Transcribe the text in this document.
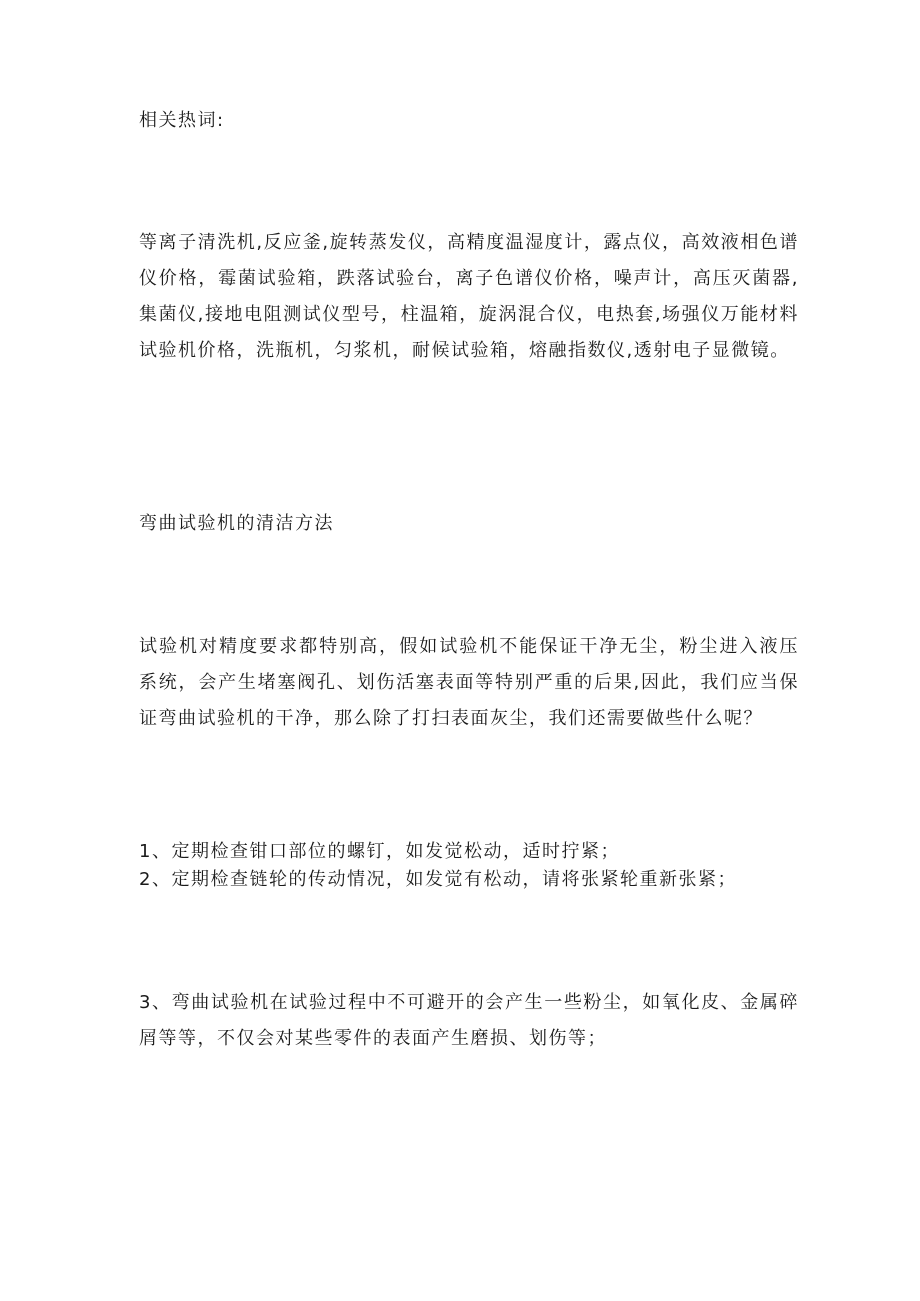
相关热词:

等离子清洗机,反应釜,旋转蒸发仪，高精度温湿度计，露点仪，高效液相色谱仪价格，霉菌试验箱，跌落试验台，离子色谱仪价格，噪声计，高压灭菌器,集菌仪,接地电阻测试仪型号，柱温箱，旋涡混合仪，电热套,场强仪万能材料试验机价格，洗瓶机，匀浆机，耐候试验箱，熔融指数仪,透射电子显微镜。

弯曲试验机的清洁方法

试验机对精度要求都特别高，假如试验机不能保证干净无尘，粉尘进入液压系统，会产生堵塞阀孔、划伤活塞表面等特别严重的后果,因此，我们应当保证弯曲试验机的干净，那么除了打扫表面灰尘，我们还需要做些什么呢？

1、定期检查钳口部位的螺钉，如发觉松动，适时拧紧；

2、定期检查链轮的传动情况，如发觉有松动，请将张紧轮重新张紧；

3、弯曲试验机在试验过程中不可避开的会产生一些粉尘，如氧化皮、金属碎屑等等，不仅会对某些零件的表面产生磨损、划伤等；
